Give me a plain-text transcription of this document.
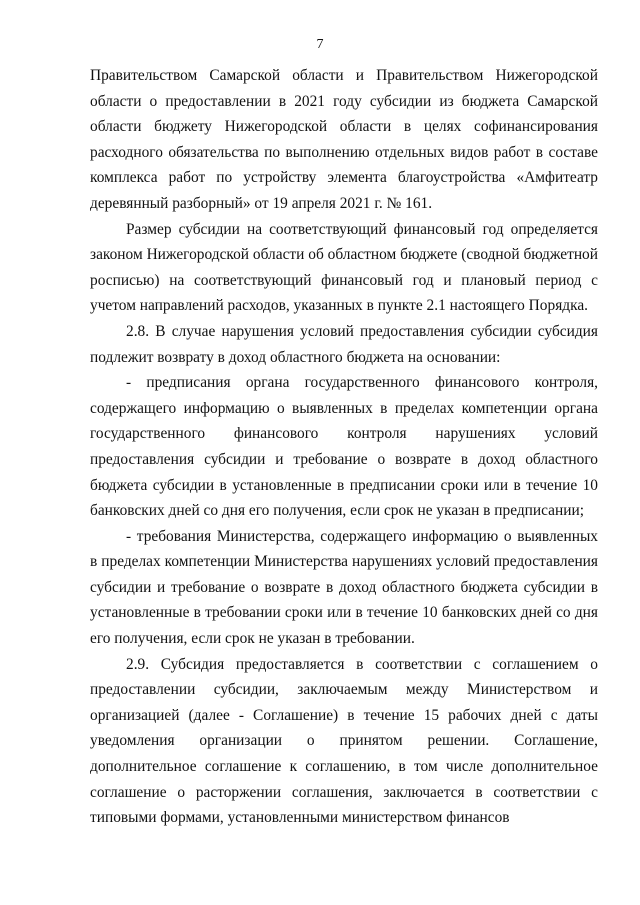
7

Правительством Самарской области и Правительством Нижегородской области о предоставлении в 2021 году субсидии из бюджета Самарской области бюджету Нижегородской области в целях софинансирования расходного обязательства по выполнению отдельных видов работ в составе комплекса работ по устройству элемента благоустройства «Амфитеатр деревянный разборный» от 19 апреля 2021 г. № 161.

Размер субсидии на соответствующий финансовый год определяется законом Нижегородской области об областном бюджете (сводной бюджетной росписью) на соответствующий финансовый год и плановый период с учетом направлений расходов, указанных в пункте 2.1 настоящего Порядка.

2.8. В случае нарушения условий предоставления субсидии субсидия подлежит возврату в доход областного бюджета на основании:

- предписания органа государственного финансового контроля, содержащего информацию о выявленных в пределах компетенции органа государственного финансового контроля нарушениях условий предоставления субсидии и требование о возврате в доход областного бюджета субсидии в установленные в предписании сроки или в течение 10 банковских дней со дня его получения, если срок не указан в предписании;

- требования Министерства, содержащего информацию о выявленных в пределах компетенции Министерства нарушениях условий предоставления субсидии и требование о возврате в доход областного бюджета субсидии в установленные в требовании сроки или в течение 10 банковских дней со дня его получения, если срок не указан в требовании.

2.9. Субсидия предоставляется в соответствии с соглашением о предоставлении субсидии, заключаемым между Министерством и организацией (далее - Соглашение) в течение 15 рабочих дней с даты уведомления организации о принятом решении. Соглашение, дополнительное соглашение к соглашению, в том числе дополнительное соглашение о расторжении соглашения, заключается в соответствии с типовыми формами, установленными министерством финансов
